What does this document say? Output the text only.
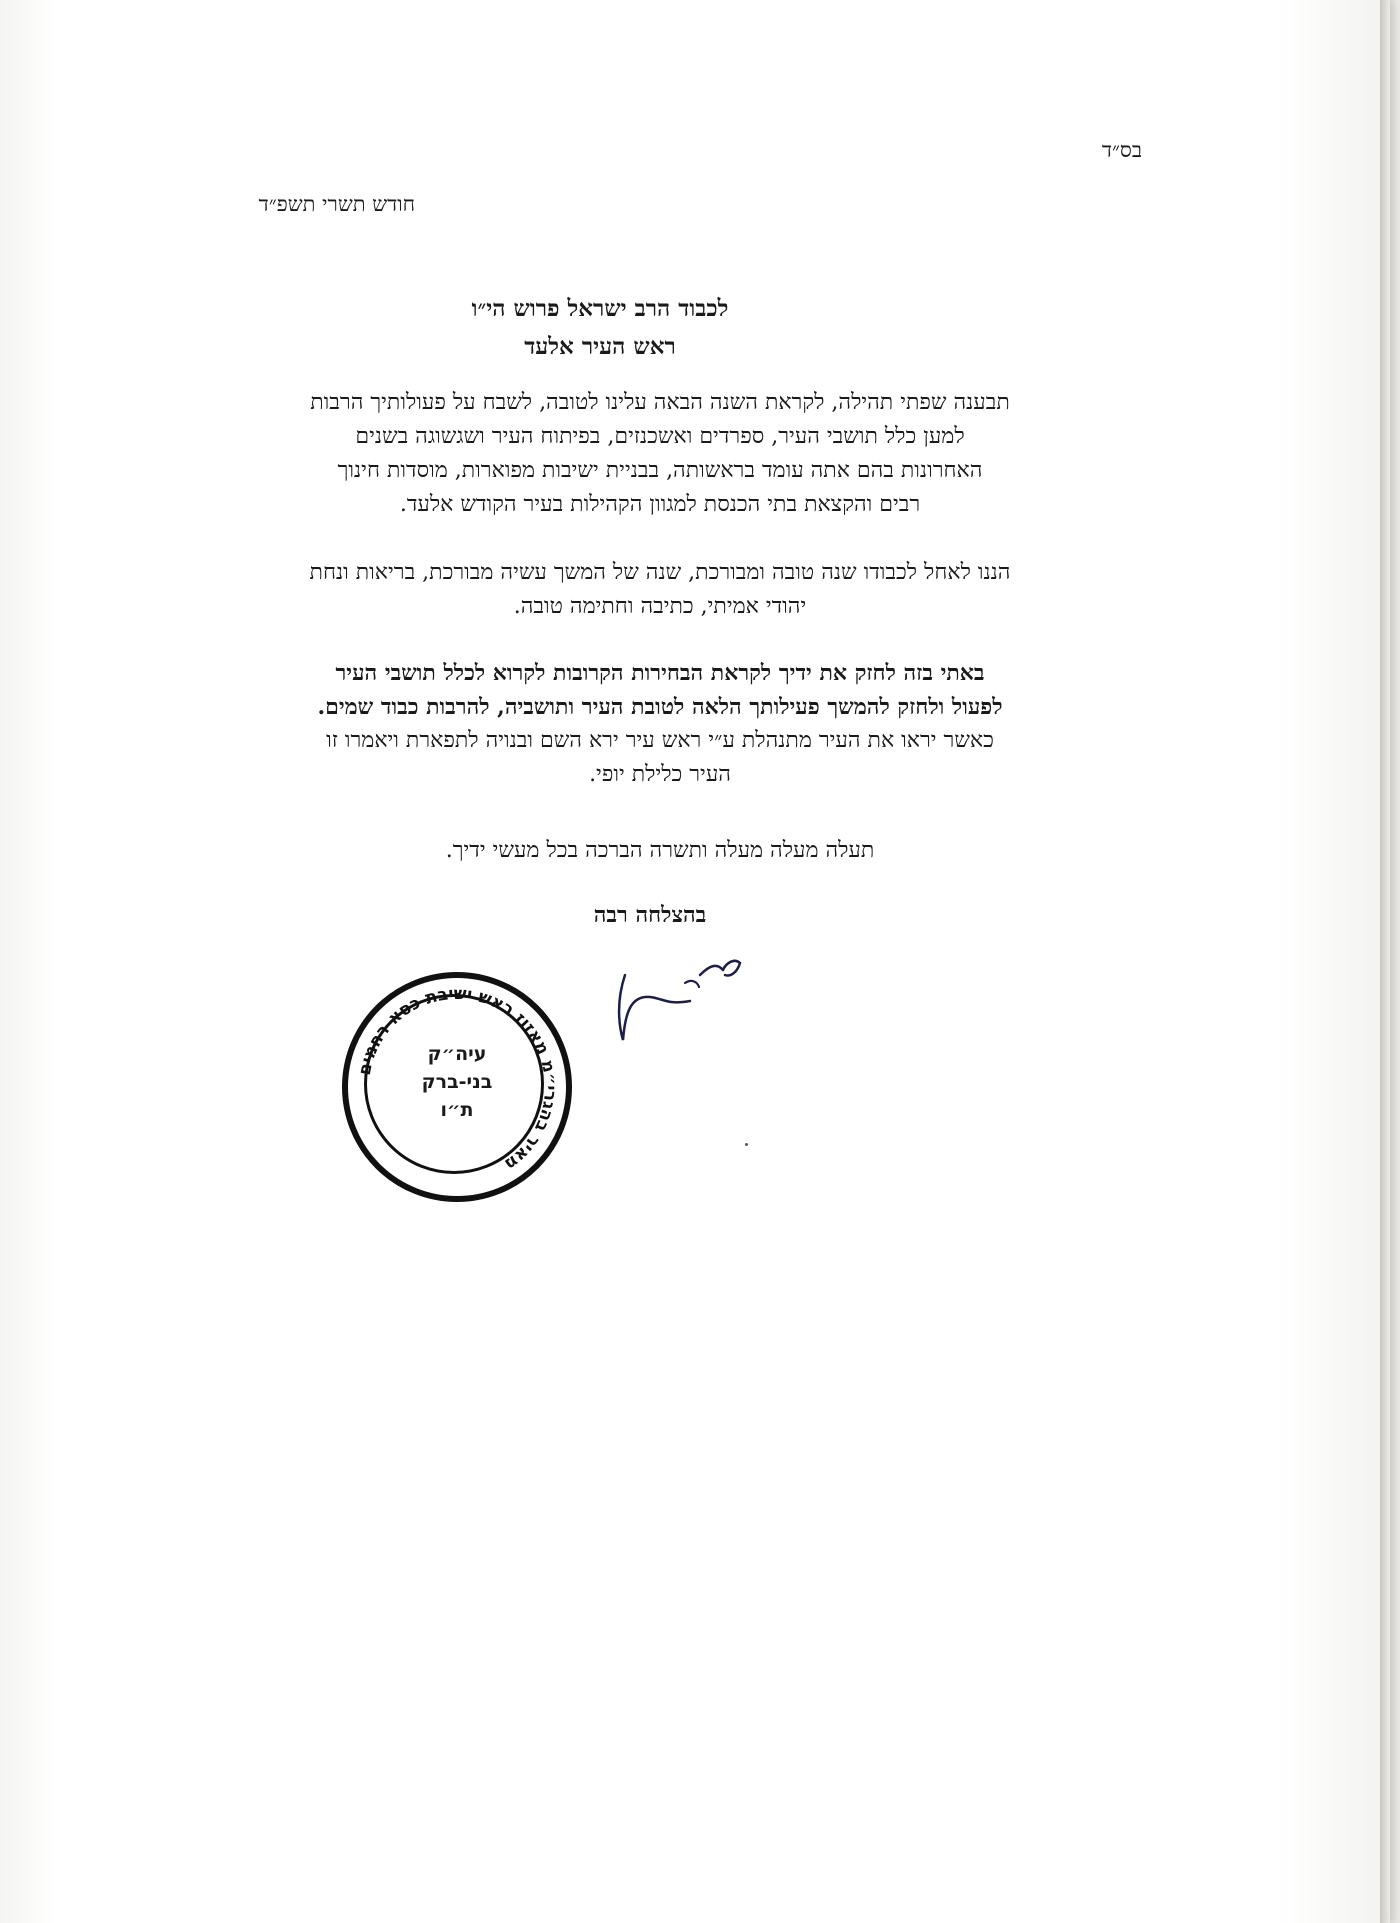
בס״ד
חודש תשרי תשפ״ד
לכבוד הרב ישראל פרוש הי״ו
ראש העיר אלעד
תבענה שפתי תהילה, לקראת השנה הבאה עלינו לטובה, לשבח על פעולותיך הרבות
למען כלל תושבי העיר, ספרדים ואשכנזים, בפיתוח העיר ושגשוגה בשנים
האחרונות בהם אתה עומד בראשותה, בבניית ישיבות מפוארות, מוסדות חינוך
רבים והקצאת בתי הכנסת למגוון הקהילות בעיר הקודש אלעד.
הננו לאחל לכבודו שנה טובה ומבורכת, שנה של המשך עשיה מבורכת, בריאות ונחת
יהודי אמיתי, כתיבה וחתימה טובה.
באתי בזה לחזק את ידיך לקראת הבחירות הקרובות לקרוא לכלל תושבי העיר
לפעול ולחזק להמשך פעילותך הלאה לטובת העיר ותושביה, להרבות כבוד שמים.
כאשר יראו את העיר מתנהלת ע״י ראש עיר ירא השם ובנויה לתפארת ויאמרו זו
העיר כלילת יופי.
תעלה מעלה מעלה ותשרה הברכה בכל מעשי ידיך.
בהצלחה רבה
מאיר בהגרי״מ מאזוז ראש ישיבת כסא רחמים
עיה״ק
בני-ברק
ת״ו
